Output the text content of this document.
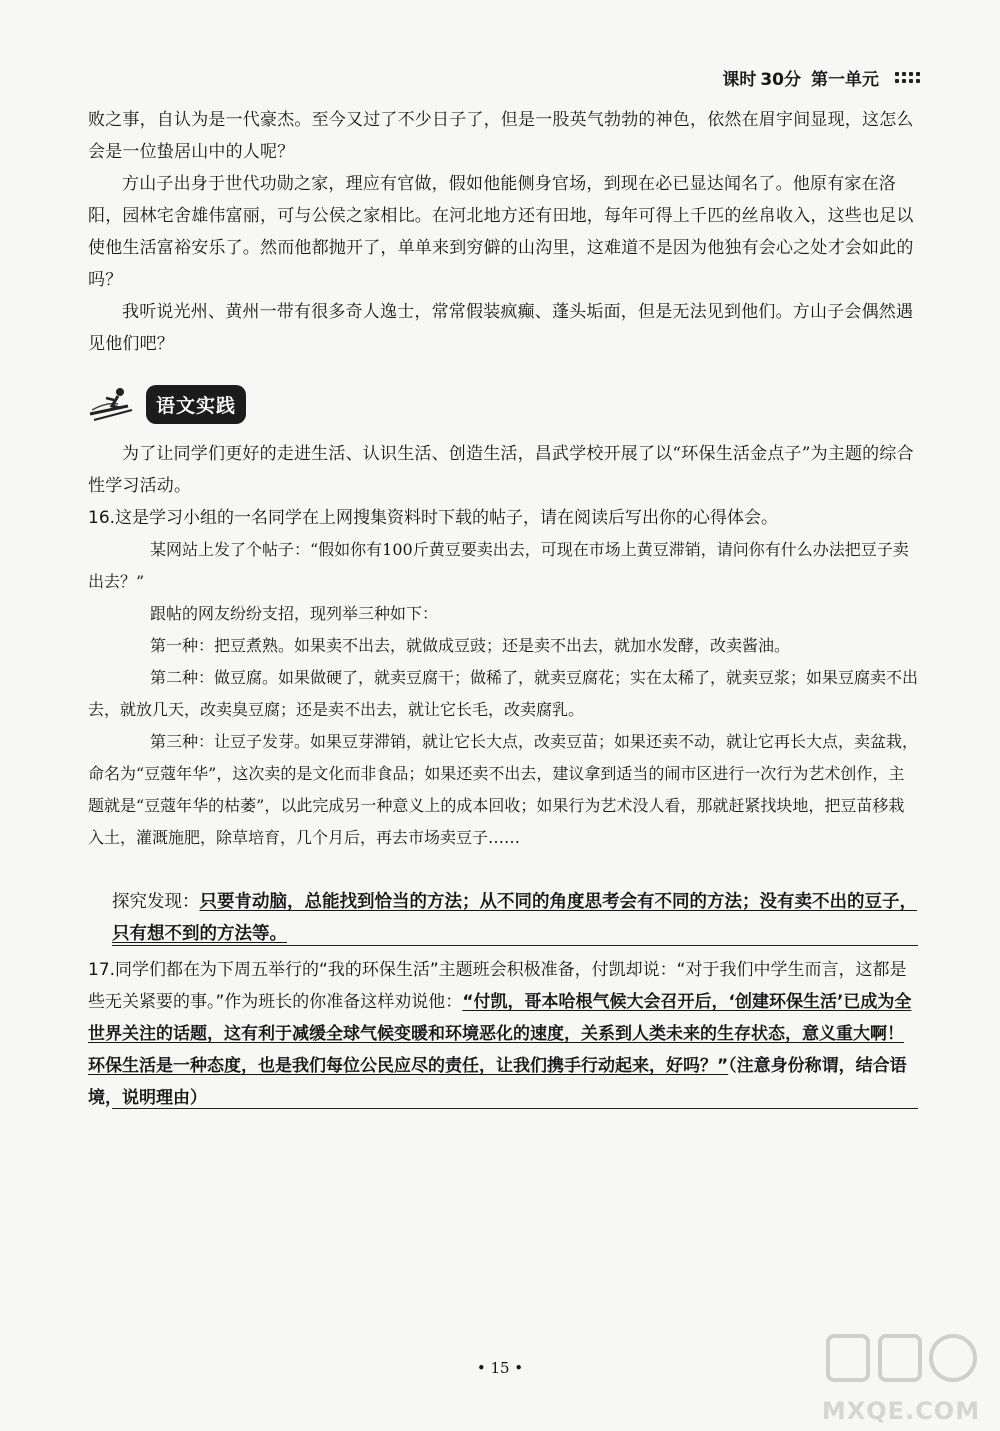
课时 30分 第一单元

败之事，自认为是一代豪杰。至今又过了不少日子了，但是一股英气勃勃的神色，依然在眉宇间显现，这怎么会是一位蛰居山中的人呢？

方山子出身于世代功勋之家，理应有官做，假如他能侧身官场，到现在必已显达闻名了。他原有家在洛阳，园林宅舍雄伟富丽，可与公侯之家相比。在河北地方还有田地，每年可得上千匹的丝帛收入，这些也足以使他生活富裕安乐了。然而他都抛开了，单单来到穷僻的山沟里，这难道不是因为他独有会心之处才会如此的吗？

我听说光州、黄州一带有很多奇人逸士，常常假装疯癫、蓬头垢面，但是无法见到他们。方山子会偶然遇见他们吧？

语文实践

为了让同学们更好的走进生活、认识生活、创造生活，昌武学校开展了以“环保生活金点子”为主题的综合性学习活动。

16.这是学习小组的一名同学在上网搜集资料时下载的帖子，请在阅读后写出你的心得体会。

某网站上发了个帖子：“假如你有100斤黄豆要卖出去，可现在市场上黄豆滞销，请问你有什么办法把豆子卖出去？”

跟帖的网友纷纷支招，现列举三种如下：

第一种：把豆煮熟。如果卖不出去，就做成豆豉；还是卖不出去，就加水发酵，改卖酱油。

第二种：做豆腐。如果做硬了，就卖豆腐干；做稀了，就卖豆腐花；实在太稀了，就卖豆浆；如果豆腐卖不出去，就放几天，改卖臭豆腐；还是卖不出去，就让它长毛，改卖腐乳。

第三种：让豆子发芽。如果豆芽滞销，就让它长大点，改卖豆苗；如果还卖不动，就让它再长大点，卖盆栽，命名为“豆蔻年华”，这次卖的是文化而非食品；如果还卖不出去，建议拿到适当的闹市区进行一次行为艺术创作，主题就是“豆蔻年华的枯萎”，以此完成另一种意义上的成本回收；如果行为艺术没人看，那就赶紧找块地，把豆苗移栽入土，灌溉施肥，除草培育，几个月后，再去市场卖豆子……

探究发现：只要肯动脑，总能找到恰当的方法；从不同的角度思考会有不同的方法；没有卖不出的豆子，只有想不到的方法等。

17.同学们都在为下周五举行的“我的环保生活”主题班会积极准备，付凯却说：“对于我们中学生而言，这都是些无关紧要的事。”作为班长的你准备这样劝说他：“付凯，哥本哈根气候大会召开后，‘创建环保生活’已成为全世界关注的话题，这有利于减缓全球气候变暖和环境恶化的速度，关系到人类未来的生存状态，意义重大啊！环保生活是一种态度，也是我们每位公民应尽的责任，让我们携手行动起来，好吗？”（注意身份称谓，结合语境，说明理由）

• 15 •
MXQE.COM
